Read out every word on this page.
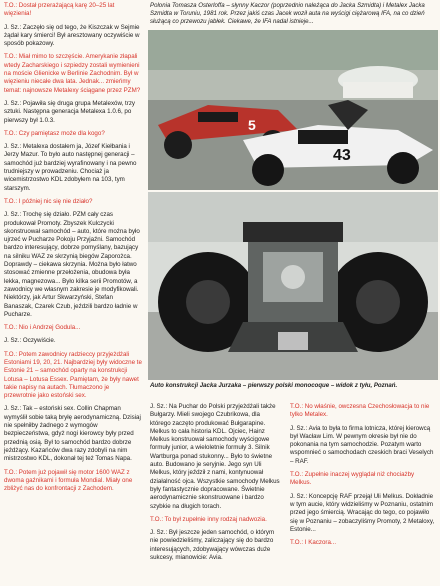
T.O.: Dostał przerażającą karę 20–25 lat więzienia!

J. Sz.: Zaczęło się od tego, że Kiszczak w Sejmie żądał kary śmierci! Był aresztowany oczywiście w sposób pokazowy.

T.O.: Miał mimo to szczęście. Amerykanie złapali wtedy Zacharskiego i szpiedzy zostali wymienieni na moście Glienicke w Berlinie Zachodnim. Był w więzieniu niecałe dwa lata. Jednak... zmieńmy temat: najnowsze Metalexy ściągane przez PZM?

J. Sz.: Pojawiła się druga grupa Metalexów, trzy sztuki. Następna generacja Metalexa 1.0.6, po pierwszy był 1.0.3.

T.O.: Czy pamiętasz może dla kogo?

J. Sz.: Metalexa dostałem ja, Józef Kiełbania i Jerzy Mazur. To było auto następnej generacji – samochód już bardziej wyrafinowany i na pewno trudniejszy w prowadzeniu. Chociaż ja wicemistrzostwo KDL zdobyłem na 103, tym starszym.

T.O.: I później nic się nie działo?

J. Sz.: Trochę się działo. PZM cały czas produkował Promoty. Zbyszek Kulczycki skonstruował samochód – auto, które można było ujrzeć w Pucharze Pokoju Przyjaźni. Samochód bardzo interesujący, dobrze pomyślany, bazujący na silniku WAZ ze skrzynią biegów Zaporożca. Doprawdy – ciekawa skrzynia. Można było łatwo stosować zmienne przełożenia, obudowa była lekka, magnezowa... Było kilka serii Promotów, a zawodnicy we własnym zakresie je modyfikowali. Niektórzy, jak Artur Skwarzyński, Stefan Banaszak, Czarek Czub, jeździli bardzo ładnie w Pucharze.

T.O.: Nio i Andrzej Godula...

J. Sz.: Oczywiście.

T.O.: Potem zawodnicy radzieccy przyjeżdżali Estoniami 19, 20, 21. Najbardziej były widoczne te Estonie 21 – samochód oparty na konstrukcji Lotusa – Lotusa Essex. Pamiętam, że były nawet takie napisy na autach. Tłumaczono je przewrotnie jako estoński sex.

J. Sz.: Tak – estoński sex. Collin Chapman wymyślił sobie taką bryłę aerodynamiczną. Dzisiaj nie spełniłby żadnego z wymogów bezpieczeństwa, gdyż nogi kierowcy były przed przednią osią. Był to samochód bardzo dobrze jeżdżący. Kazańców dwa razy zdobyli na nim mistrzostwo KDL, dokonał tej też Tomas Napa.

T.O.: Potem już pojawił się motor 1600 WAZ z dwoma gaźnikami i formuła Mondial. Miały one zbliżyć nas do konfrontacji z Zachodem.

Polonia Tomasza Osterloffa – słynny Kaczor (poprzednio należąca do Jacka Szmidta) i Metalex Jacka Szmidta w Toruniu, 1981 rok. Przez jakiś czas Jacek woził auta na wyścigi ciężarową IFA, na co dzień służącą co przewozu jabłek. Ciekawe, że IFA nadal istnieje...
5
43
Auto konstrukcji Jacka Jurzaka – pierwszy polski monocoque – widok z tyłu, Poznań.

J. Sz.: Na Puchar do Polski przyjeżdżali także Bułgarzy. Mieli swojego Czubrikowa, dla którego zaczęto produkować Bułgarapine. Melkus to cała historia KDL. Ojciec, Hainz Melkus konstruował samochody wyścigowe formuły junior, a wieloletnie formuły 3. Silnik Wartburga ponad stukonny... Było to świetne auto. Budowano je seryjnie. Jego syn Uli Melkus, który jeździł z nami, kontynuował działalność ojca. Wszystkie samochody Melkus były fantastycznie dopracowane. Świetnie aerodynamicznie skonstruowane i bardzo szybkie na długich torach.

T.O.: To był zupełnie inny rodzaj nadwozia.

J. Sz.: Był jeszcze jeden samochód, o którym nie powiedzieliśmy, zaliczający się do bardzo interesujących, zdobywający wówczas duże sukcesy, mianowicie: Avia.

T.O.: No właśnie, owczesna Czechosłowacja to nie tylko Metalex.

J. Sz.: Avia to była to firma lotnicza, której kierowcą był Wacław Lim. W pewnym okresie był nie do pokonania na tym samochodzie. Pozatym warto wspomnieć o samochodach czeskich braci Veselych – RAF.

T.O.: Zupełnie inaczej wyglądał niż chociażby Melkus.

J. Sz.: Koncepcję RAF przejął Uli Melkus. Dokładnie w tym aucie, który widzieliśmy w Poznaniu, ostatnim przed jego śmiercią. Wracając do tego, co pojawiło się w Poznaniu – zobaczyliśmy Promoty, 2 Metaloxy, Estonie...

T.O.: I Kaczora...
